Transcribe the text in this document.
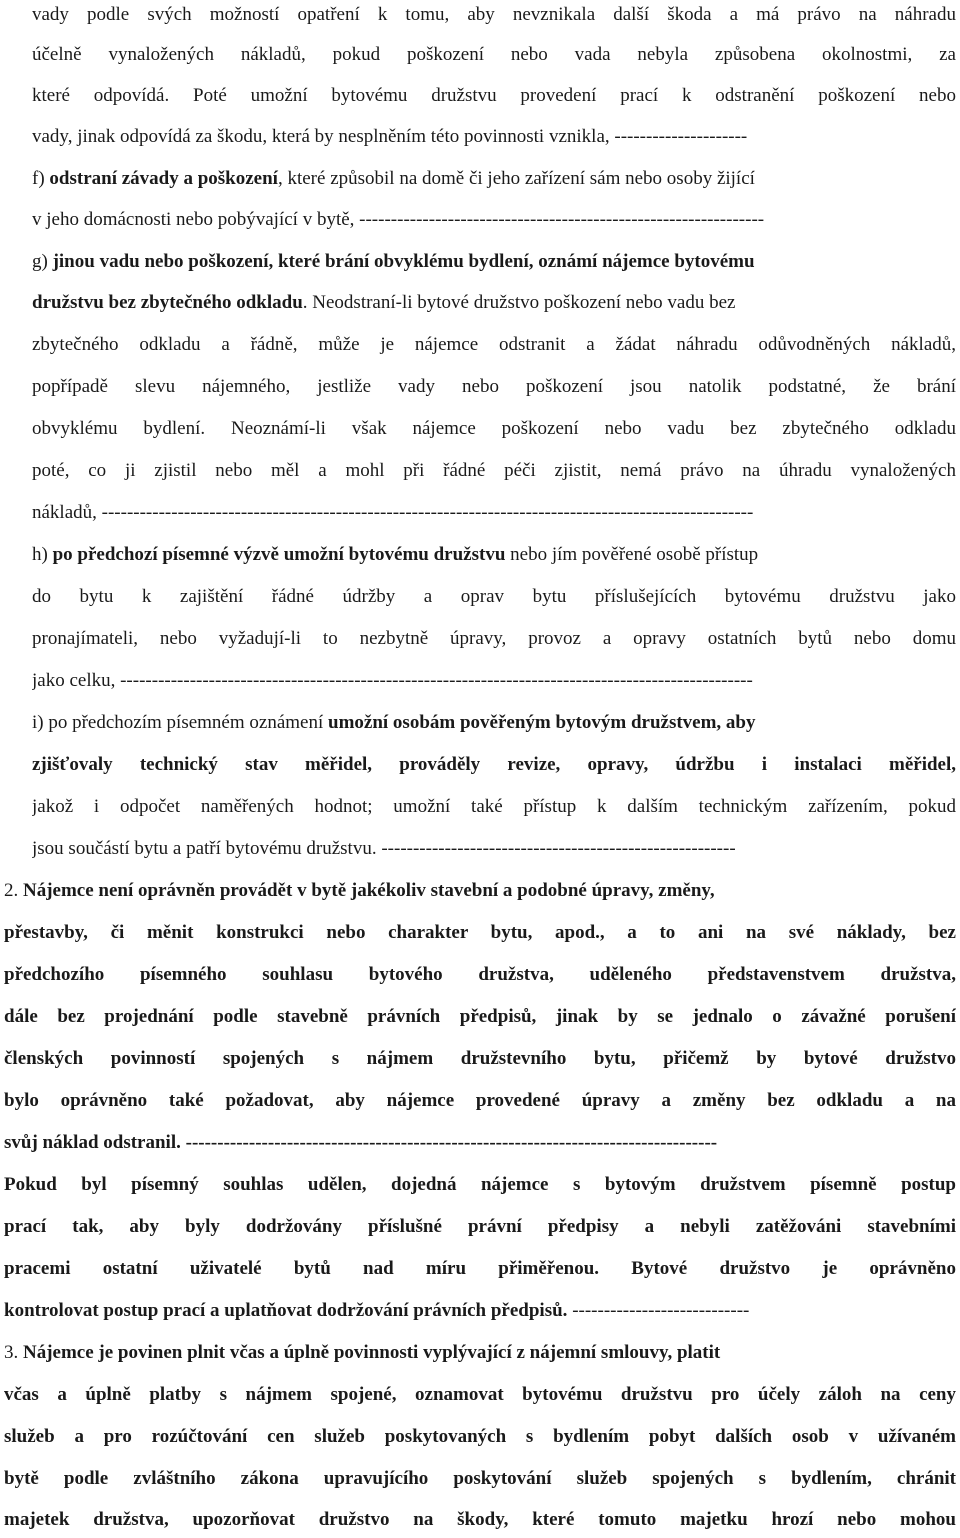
vady podle svých možností opatření k tomu, aby nevznikala další škoda a má právo na náhradu
účelně vynaložených nákladů, pokud poškození nebo vada nebyla způsobena okolnostmi, za
které odpovídá. Poté umožní bytovému družstvu provedení prací k odstranění poškození nebo
vady, jinak odpovídá za škodu, která by nesplněním této povinnosti vznikla, ---------------------
f) odstraní závady a poškození, které způsobil na domě či jeho zařízení sám nebo osoby žijící
v jeho domácnosti nebo pobývající v bytě, ----------------------------------------------------------------
g) jinou vadu nebo poškození, které brání obvyklému bydlení, oznámí nájemce bytovému
družstvu bez zbytečného odkladu. Neodstraní-li bytové družstvo poškození nebo vadu bez
zbytečného odkladu a řádně, může je nájemce odstranit a žádat náhradu odůvodněných nákladů,
popřípadě slevu nájemného, jestliže vady nebo poškození jsou natolik podstatné, že brání
obvyklému bydlení. Neoznámí-li však nájemce poškození nebo vadu bez zbytečného odkladu
poté, co ji zjistil nebo měl a mohl při řádné péči zjistit, nemá právo na úhradu vynaložených
nákladů, -------------------------------------------------------------------------------------------------------
h) po předchozí písemné výzvě umožní bytovému družstvu nebo jím pověřené osobě přístup
do bytu k zajištění řádné údržby a oprav bytu příslušejících bytovému družstvu jako
pronajímateli, nebo vyžadují-li to nezbytně úpravy, provoz a opravy ostatních bytů nebo domu
jako celku, ----------------------------------------------------------------------------------------------------
i) po předchozím písemném oznámení umožní osobám pověřeným bytovým družstvem, aby
zjišťovaly technický stav měřidel, prováděly revize, opravy, údržbu i instalaci měřidel,
jakož i odpočet naměřených hodnot; umožní také přístup k dalším technickým zařízením, pokud
jsou součástí bytu a patří bytovému družstvu. --------------------------------------------------------
2. Nájemce není oprávněn provádět v bytě jakékoliv stavební a podobné úpravy, změny,
přestavby, či měnit konstrukci nebo charakter bytu, apod., a to ani na své náklady, bez
předchozího písemného souhlasu bytového družstva, uděleného představenstvem družstva,
dále bez projednání podle stavebně právních předpisů, jinak by se jednalo o závažné porušení
členských povinností spojených s nájmem družstevního bytu, přičemž by bytové družstvo
bylo oprávněno také požadovat, aby nájemce provedené úpravy a změny bez odkladu a na
svůj náklad odstranil. ------------------------------------------------------------------------------------
Pokud byl písemný souhlas udělen, dojedná nájemce s bytovým družstvem písemně postup
prací tak, aby byly dodržovány příslušné právní předpisy a nebyli zatěžováni stavebními
pracemi ostatní uživatelé bytů nad míru přiměřenou. Bytové družstvo je oprávněno
kontrolovat postup prací a uplatňovat dodržování právních předpisů. ----------------------------
3. Nájemce je povinen plnit včas a úplně povinnosti vyplývající z nájemní smlouvy, platit
včas a úplně platby s nájmem spojené, oznamovat bytovému družstvu pro účely záloh na ceny
služeb a pro rozúčtování cen služeb poskytovaných s bydlením pobyt dalších osob v užívaném
bytě podle zvláštního zákona upravujícího poskytování služeb spojených s bydlením, chránit
majetek družstva, upozorňovat družstvo na škody, které tomuto majetku hrozí nebo mohou
